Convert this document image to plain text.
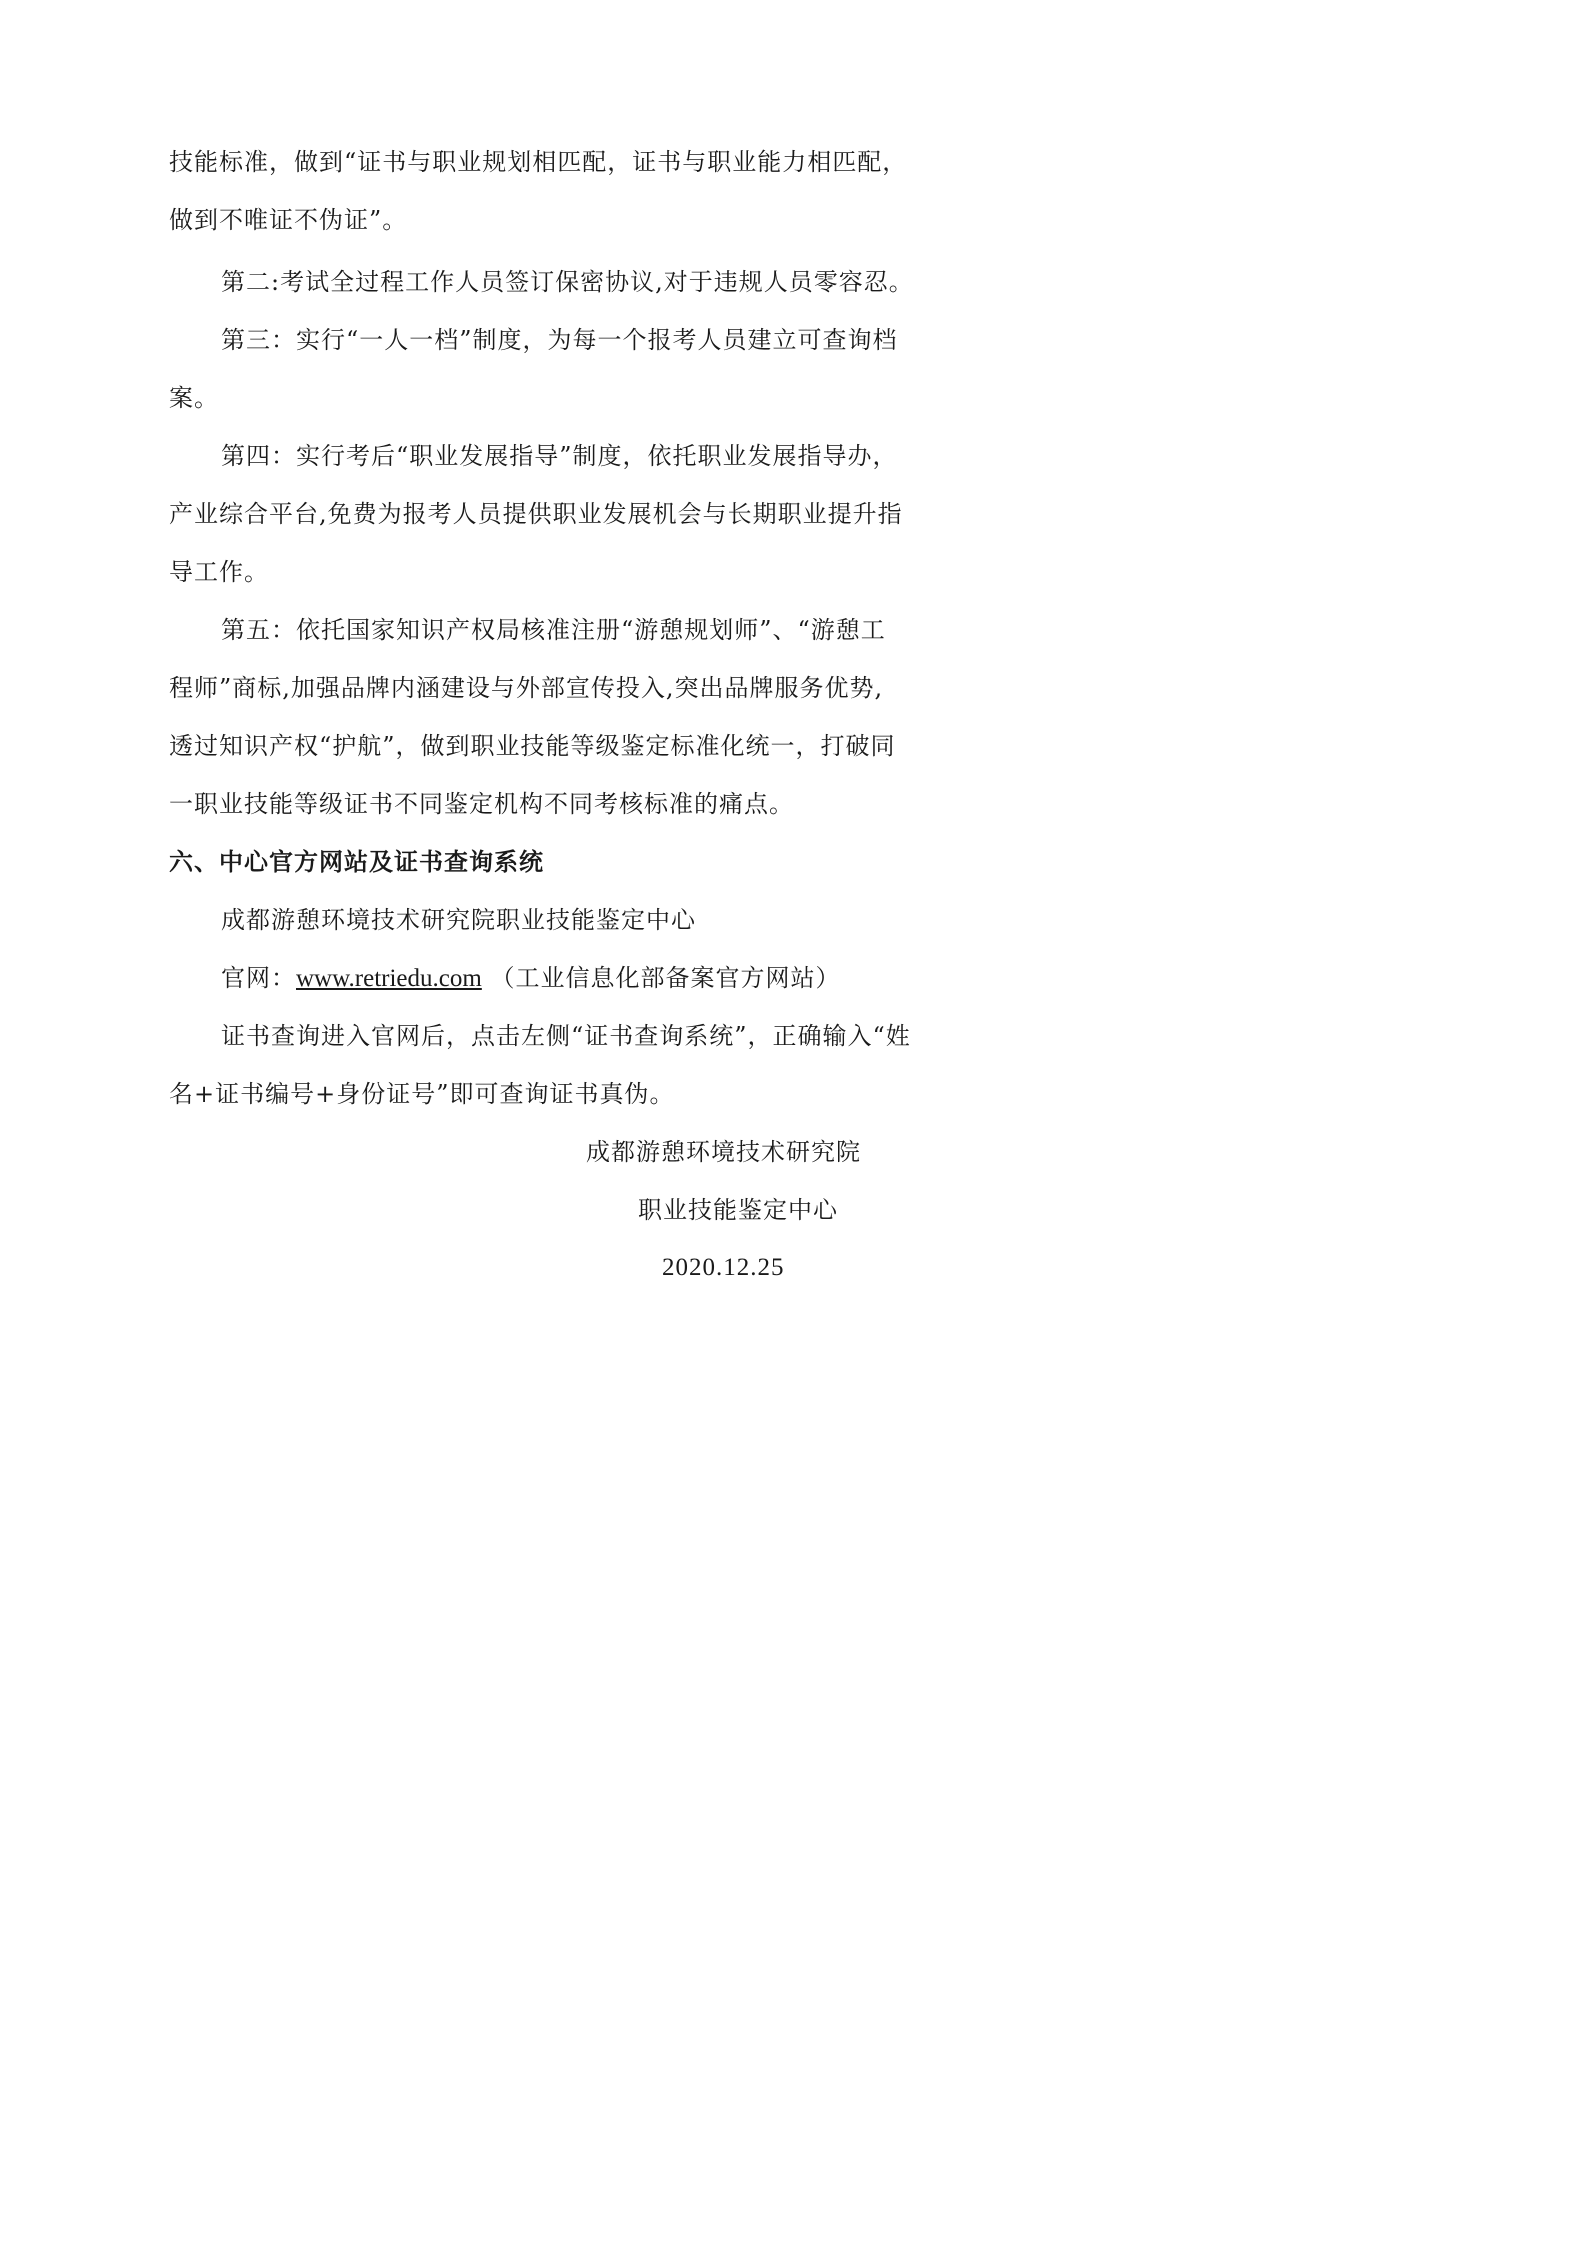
技能标准，做到“证书与职业规划相匹配，证书与职业能力相匹配，
做到不唯证不伪证”。
第二:考试全过程工作人员签订保密协议,对于违规人员零容忍。
第三：实行“一人一档”制度，为每一个报考人员建立可查询档
案。
第四：实行考后“职业发展指导”制度，依托职业发展指导办，
产业综合平台,免费为报考人员提供职业发展机会与长期职业提升指
导工作。
第五：依托国家知识产权局核准注册“游憩规划师”、“游憩工
程师”商标,加强品牌内涵建设与外部宣传投入,突出品牌服务优势,
透过知识产权“护航”，做到职业技能等级鉴定标准化统一，打破同
一职业技能等级证书不同鉴定机构不同考核标准的痛点。
六、中心官方网站及证书查询系统
成都游憩环境技术研究院职业技能鉴定中心
官网：www.retriedu.com （工业信息化部备案官方网站）
证书查询进入官网后，点击左侧“证书查询系统”，正确输入“姓
名+证书编号+身份证号”即可查询证书真伪。
成都游憩环境技术研究院
职业技能鉴定中心
2020.12.25
